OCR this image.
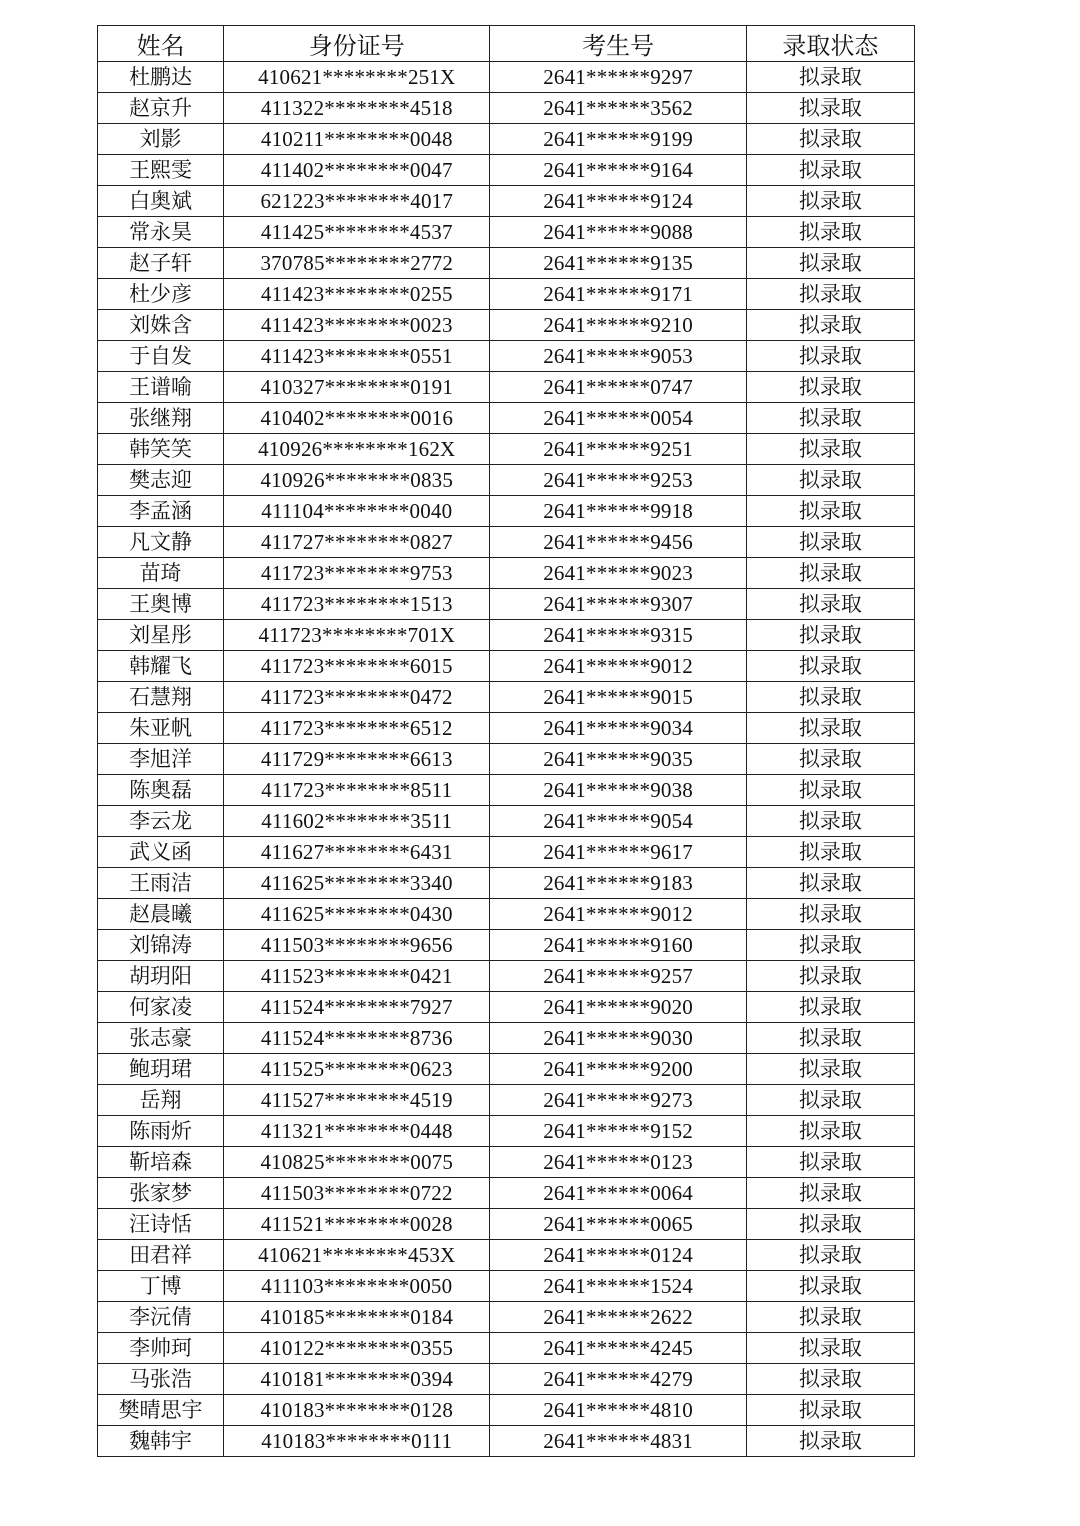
姓名	身份证号	考生号	录取状态
杜鹏达	410621********251X	2641******9297	拟录取
赵京升	411322********4518	2641******3562	拟录取
刘影	410211********0048	2641******9199	拟录取
王熙雯	411402********0047	2641******9164	拟录取
白奥斌	621223********4017	2641******9124	拟录取
常永昊	411425********4537	2641******9088	拟录取
赵子轩	370785********2772	2641******9135	拟录取
杜少彦	411423********0255	2641******9171	拟录取
刘姝含	411423********0023	2641******9210	拟录取
于自发	411423********0551	2641******9053	拟录取
王谱喻	410327********0191	2641******0747	拟录取
张继翔	410402********0016	2641******0054	拟录取
韩笑笑	410926********162X	2641******9251	拟录取
樊志迎	410926********0835	2641******9253	拟录取
李孟涵	411104********0040	2641******9918	拟录取
凡文静	411727********0827	2641******9456	拟录取
苗琦	411723********9753	2641******9023	拟录取
王奥博	411723********1513	2641******9307	拟录取
刘星彤	411723********701X	2641******9315	拟录取
韩耀飞	411723********6015	2641******9012	拟录取
石慧翔	411723********0472	2641******9015	拟录取
朱亚帆	411723********6512	2641******9034	拟录取
李旭洋	411729********6613	2641******9035	拟录取
陈奥磊	411723********8511	2641******9038	拟录取
李云龙	411602********3511	2641******9054	拟录取
武义函	411627********6431	2641******9617	拟录取
王雨洁	411625********3340	2641******9183	拟录取
赵晨曦	411625********0430	2641******9012	拟录取
刘锦涛	411503********9656	2641******9160	拟录取
胡玥阳	411523********0421	2641******9257	拟录取
何家凌	411524********7927	2641******9020	拟录取
张志豪	411524********8736	2641******9030	拟录取
鲍玥珺	411525********0623	2641******9200	拟录取
岳翔	411527********4519	2641******9273	拟录取
陈雨炘	411321********0448	2641******9152	拟录取
靳培森	410825********0075	2641******0123	拟录取
张家梦	411503********0722	2641******0064	拟录取
汪诗恬	411521********0028	2641******0065	拟录取
田君祥	410621********453X	2641******0124	拟录取
丁博	411103********0050	2641******1524	拟录取
李沅倩	410185********0184	2641******2622	拟录取
李帅珂	410122********0355	2641******4245	拟录取
马张浩	410181********0394	2641******4279	拟录取
樊晴思宇	410183********0128	2641******4810	拟录取
魏韩宇	410183********0111	2641******4831	拟录取
